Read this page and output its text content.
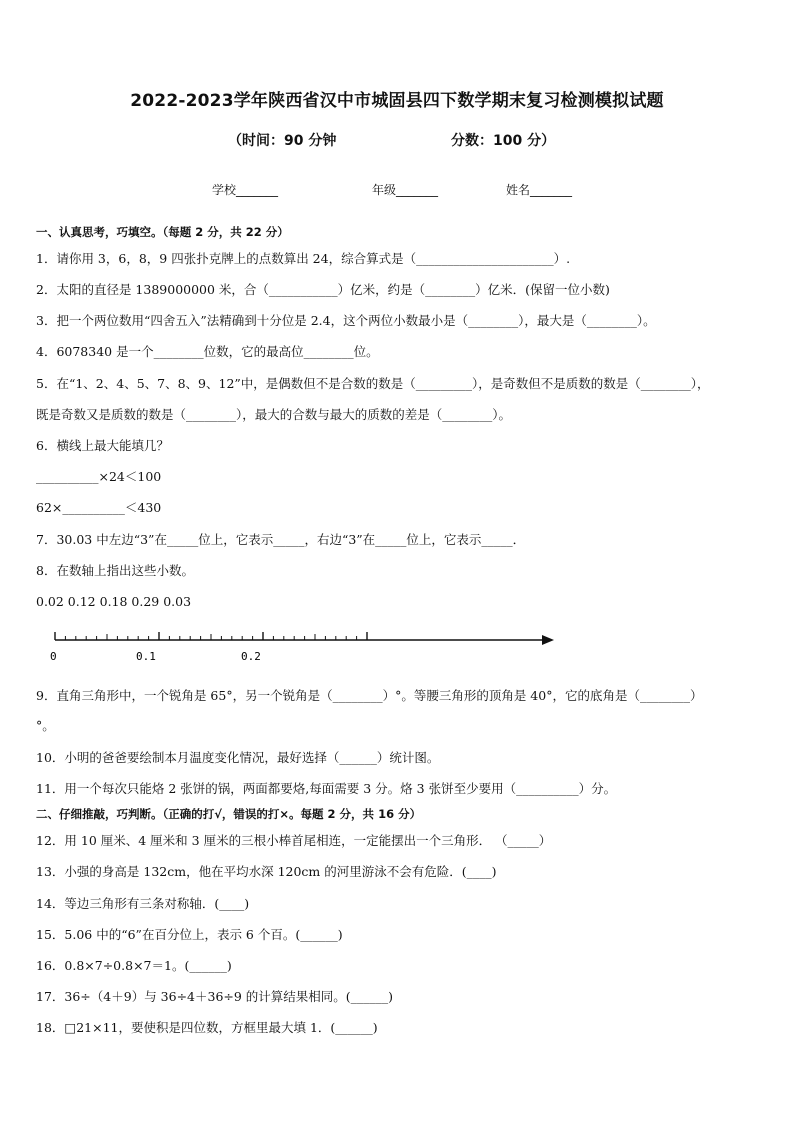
2022-2023学年陕西省汉中市城固县四下数学期末复习检测模拟试题
（时间：90 分钟	分数：100 分）
学校_______	年级_______	姓名_______
一、认真思考，巧填空。（每题 2 分，共 22 分）
1．请你用 3，6，8，9 四张扑克牌上的点数算出 24，综合算式是（______________________）.
2．太阳的直径是 1389000000 米，合（___________）亿米，约是（________）亿米．(保留一位小数)
3．把一个两位数用“四舍五入”法精确到十分位是 2.4，这个两位小数最小是（________），最大是（________）。
4．6078340 是一个________位数，它的最高位________位。
5．在“1、2、4、5、7、8、9、12”中，是偶数但不是合数的数是（_________），是奇数但不是质数的数是（________），
既是奇数又是质数的数是（________），最大的合数与最大的质数的差是（________）。
6．横线上最大能填几？
__________×24＜100
62×__________＜430
7．30.03 中左边“3”在_____位上，它表示_____，右边“3”在_____位上，它表示_____．
8．在数轴上指出这些小数。
0.02 0.12 0.18 0.29 0.03
0	0.1	0.2
9．直角三角形中，一个锐角是 65°，另一个锐角是（________）°。等腰三角形的顶角是 40°，它的底角是（________）
°。
10．小明的爸爸要绘制本月温度变化情况，最好选择（______）统计图。
11．用一个每次只能烙 2 张饼的锅，两面都要烙,每面需要 3 分。烙 3 张饼至少要用（__________）分。
二、仔细推敲，巧判断。（正确的打√，错误的打×。每题 2 分，共 16 分）
12．用 10 厘米、4 厘米和 3 厘米的三根小棒首尾相连，一定能摆出一个三角形． （_____）
13．小强的身高是 132cm，他在平均水深 120cm 的河里游泳不会有危险．(____)
14．等边三角形有三条对称轴．(____)
15．5.06 中的“6”在百分位上，表示 6 个百。(______)
16．0.8×7÷0.8×7＝1。(______)
17．36÷（4＋9）与 36÷4＋36÷9 的计算结果相同。(______)
18．□21×11，要使积是四位数，方框里最大填 1．(______)
